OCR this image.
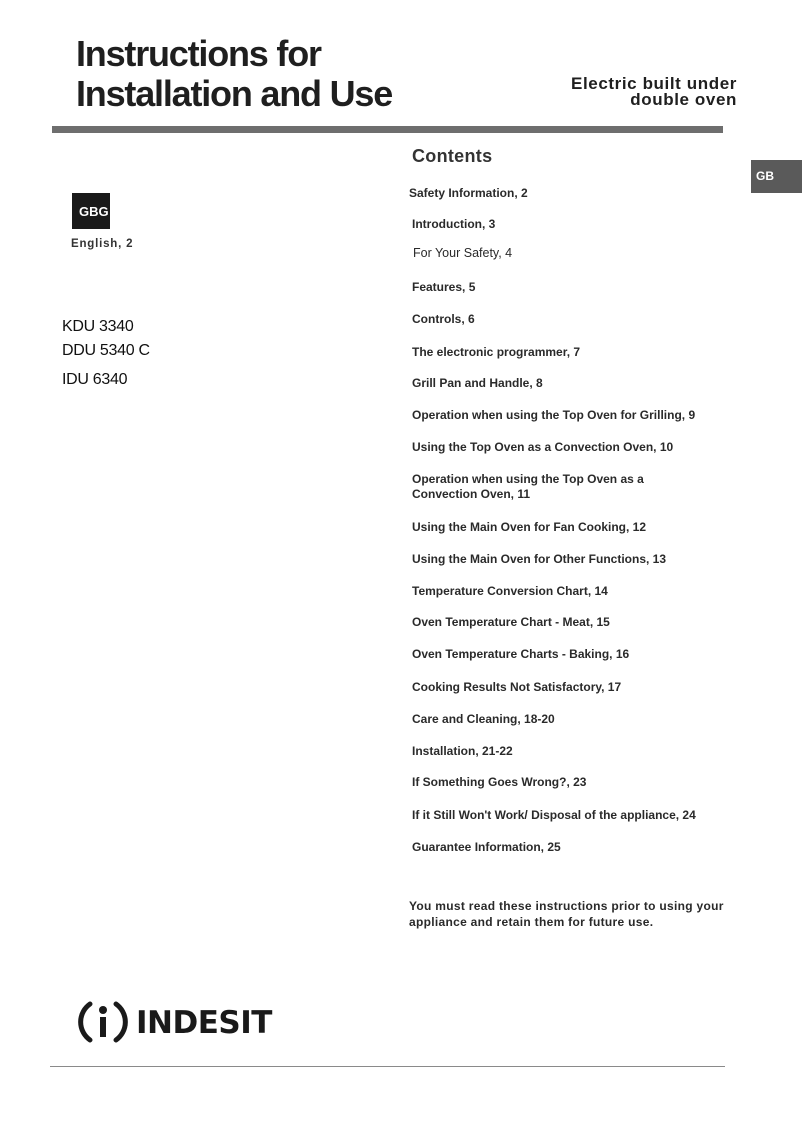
Instructions for
Installation and Use	Electric built under
double oven
GB
GBG
English, 2
KDU 3340
DDU 5340 C
IDU 6340
Contents
Safety Information, 2
Introduction, 3
For Your Safety, 4
Features, 5
Controls, 6
The electronic programmer, 7
Grill Pan and Handle, 8
Operation when using the Top Oven for Grilling, 9
Using the Top Oven as a Convection Oven, 10
Operation when using the Top Oven as a
Convection Oven, 11
Using the Main Oven for Fan Cooking, 12
Using the Main Oven for Other Functions, 13
Temperature Conversion Chart, 14
Oven Temperature Chart - Meat, 15
Oven Temperature Charts - Baking, 16
Cooking Results Not Satisfactory, 17
Care and Cleaning, 18-20
Installation, 21-22
If Something Goes Wrong?, 23
If it Still Won't Work/ Disposal of the appliance, 24
Guarantee Information, 25
You must read these instructions prior to using your appliance and retain them for future use.
INDESIT
